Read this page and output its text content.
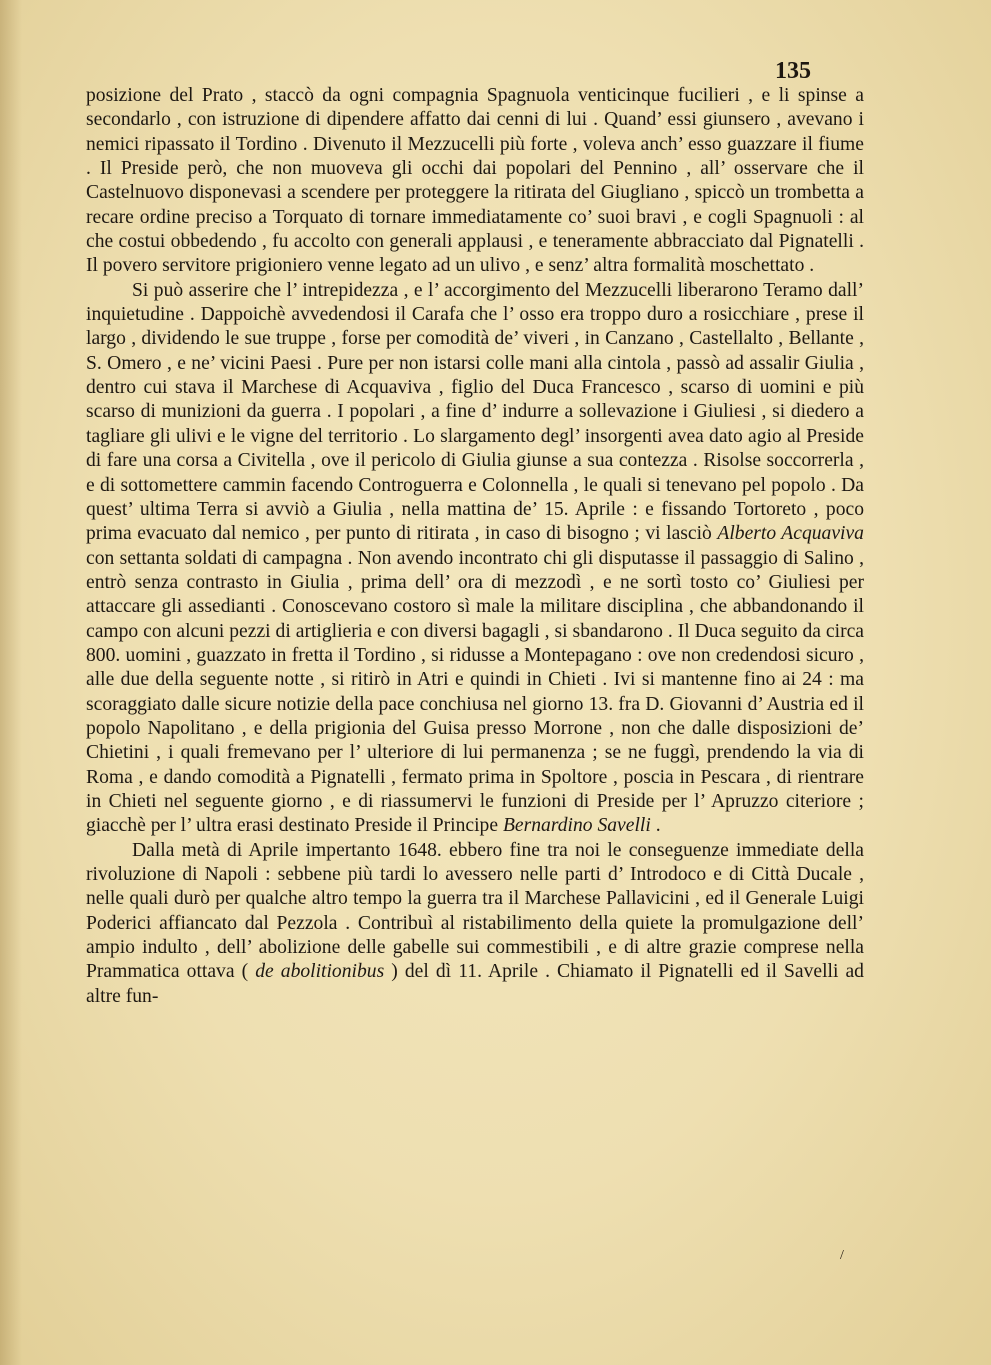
135

posizione del Prato , staccò da ogni compagnia Spagnuola venticinque fucilieri , e li spinse a secondarlo , con istruzione di dipendere affatto dai cenni di lui . Quand’ essi giunsero , avevano i nemici ripassato il Tordino . Divenuto il Mezzucelli più forte , voleva anch’ esso guazzare il fiume . Il Preside però, che non muoveva gli occhi dai popolari del Pennino , all’ osservare che il Castelnuovo disponevasi a scendere per proteggere la ritirata del Giugliano , spiccò un trombetta a recare ordine preciso a Torquato di tornare immediatamente co’ suoi bravi , e cogli Spagnuoli : al che costui obbedendo , fu accolto con generali applausi , e teneramente abbracciato dal Pignatelli . Il povero servitore prigioniero venne legato ad un ulivo , e senz’ altra formalità moschettato .

Si può asserire che l’ intrepidezza , e l’ accorgimento del Mezzucelli liberarono Teramo dall’ inquietudine . Dappoichè avvedendosi il Carafa che l’ osso era troppo duro a rosicchiare , prese il largo , dividendo le sue truppe , forse per comodità de’ viveri , in Canzano , Castellalto , Bellante , S. Omero , e ne’ vicini Paesi . Pure per non istarsi colle mani alla cintola , passò ad assalir Giulia , dentro cui stava il Marchese di Acquaviva , figlio del Duca Francesco , scarso di uomini e più scarso di munizioni da guerra . I popolari , a fine d’ indurre a sollevazione i Giuliesi , si diedero a tagliare gli ulivi e le vigne del territorio . Lo slargamento degl’ insorgenti avea dato agio al Preside di fare una corsa a Civitella , ove il pericolo di Giulia giunse a sua contezza . Risolse soccorrerla , e di sottomettere cammin facendo Controguerra e Colonnella , le quali si tenevano pel popolo . Da quest’ ultima Terra si avviò a Giulia , nella mattina de’ 15. Aprile : e fissando Tortoreto , poco prima evacuato dal nemico , per punto di ritirata , in caso di bisogno ; vi lasciò Alberto Acquaviva con settanta soldati di campagna . Non avendo incontrato chi gli disputasse il passaggio di Salino , entrò senza contrasto in Giulia , prima dell’ ora di mezzodì , e ne sortì tosto co’ Giuliesi per attaccare gli assedianti . Conoscevano costoro sì male la militare disciplina , che abbandonando il campo con alcuni pezzi di artiglieria e con diversi bagagli , si sbandarono . Il Duca seguito da circa 800. uomini , guazzato in fretta il Tordino , si ridusse a Montepagano : ove non credendosi sicuro , alle due della seguente notte , si ritirò in Atri e quindi in Chieti . Ivi si mantenne fino ai 24 : ma scoraggiato dalle sicure notizie della pace conchiusa nel giorno 13. fra D. Giovanni d’ Austria ed il popolo Napolitano , e della prigionia del Guisa presso Morrone , non che dalle disposizioni de’ Chietini , i quali fremevano per l’ ulteriore di lui permanenza ; se ne fuggì, prendendo la via di Roma , e dando comodità a Pignatelli , fermato prima in Spoltore , poscia in Pescara , di rientrare in Chieti nel seguente giorno , e di riassumervi le funzioni di Preside per l’ Apruzzo citeriore ; giacchè per l’ ultra erasi destinato Preside il Principe Bernardino Savelli .

Dalla metà di Aprile impertanto 1648. ebbero fine tra noi le conseguenze immediate della rivoluzione di Napoli : sebbene più tardi lo avessero nelle parti d’ Introdoco e di Città Ducale , nelle quali durò per qualche altro tempo la guerra tra il Marchese Pallavicini , ed il Generale Luigi Poderici affiancato dal Pezzola . Contribuì al ristabilimento della quiete la promulgazione dell’ ampio indulto , dell’ abolizione delle gabelle sui commestibili , e di altre grazie comprese nella Prammatica ottava ( de abolitionibus ) del dì 11. Aprile . Chiamato il Pignatelli ed il Savelli ad altre fun-

/
